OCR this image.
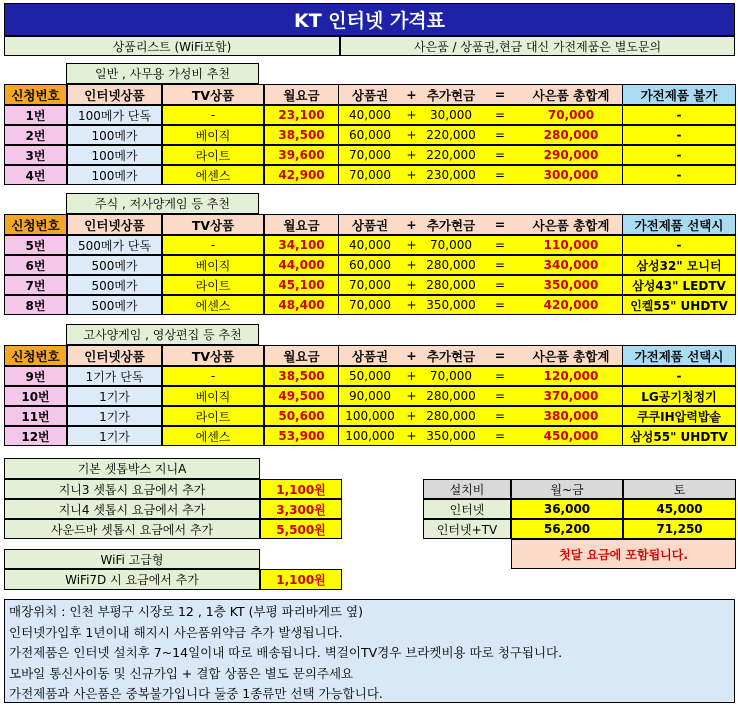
KT 인터넷 가격표
상품리스트 (WiFi포함)	사은품 / 상품권,현금 대신 가전제품은 별도문의
일반 , 사무용 가성비 추천
신청번호	인터넷상품	TV상품	월요금	상품권	+ 추가현금	=	사은품 총합계	가전제품 불가
1번	100메가 단독	-	23,100	40,000	+	30,000	=	70,000	-
2번	100메가	베이직	38,500	60,000	+ 220,000	=	280,000	-
3번	100메가	라이트	39,600	70,000	+ 220,000	=	290,000	-
4번	100메가	에센스	42,900	70,000	+ 230,000	=	300,000	-
주식 , 저사양게임 등 추천
신청번호	인터넷상품	TV상품	월요금	상품권	+ 추가현금	=	사은품 총합계	가전제품 선택시
5번	500메가 단독	-	34,100	40,000	+	70,000	=	110,000	-
6번	500메가	베이직	44,000	60,000	+ 280,000	=	340,000	삼성32" 모니터
7번	500메가	라이트	45,100	70,000	+ 280,000	=	350,000	삼성43" LEDTV
8번	500메가	에센스	48,400	70,000	+ 350,000	=	420,000	인켈55" UHDTV
고사양게임 , 영상편집 등 추천
신청번호	인터넷상품	TV상품	월요금	상품권	+ 추가현금	=	사은품 총합계	가전제품 선택시
9번	1기가 단독	-	38,500	50,000	+	70,000	=	120,000	-
10번	1기가	베이직	49,500	90,000	+ 280,000	=	370,000	LG공기청정기
11번	1기가	라이트	50,600	100,000 + 280,000	=	380,000	쿠쿠IH압력밥솥
12번	1기가	에센스	53,900	100,000 + 350,000	=	450,000	삼성55" UHDTV
기본 셋톱박스 지니A
지니3 셋톱시 요금에서 추가	1,100원
지니4 셋톱시 요금에서 추가	3,300원
사운드바 셋톱시 요금에서 추가	5,500원
WiFi 고급형
WiFi7D 시 요금에서 추가	1,100원
설치비	월~금	토
인터넷	36,000	45,000
인터넷+TV	56,200	71,250
첫달 요금에 포함됩니다.
매장위치 : 인천 부평구 시장로 12 , 1층 KT (부평 파리바게뜨 옆)
인터넷가입후 1년이내 해지시 사은품위약금 추가 발생됩니다.
가전제품은 인터넷 설치후 7~14일이내 따로 배송됩니다. 벽걸이TV경우 브라켓비용 따로 청구됩니다.
모바일 통신사이동 및 신규가입 + 결합 상품은 별도 문의주세요
가전제품과 사은품은 중복불가입니다 둘중 1종류만 선택 가능합니다.
